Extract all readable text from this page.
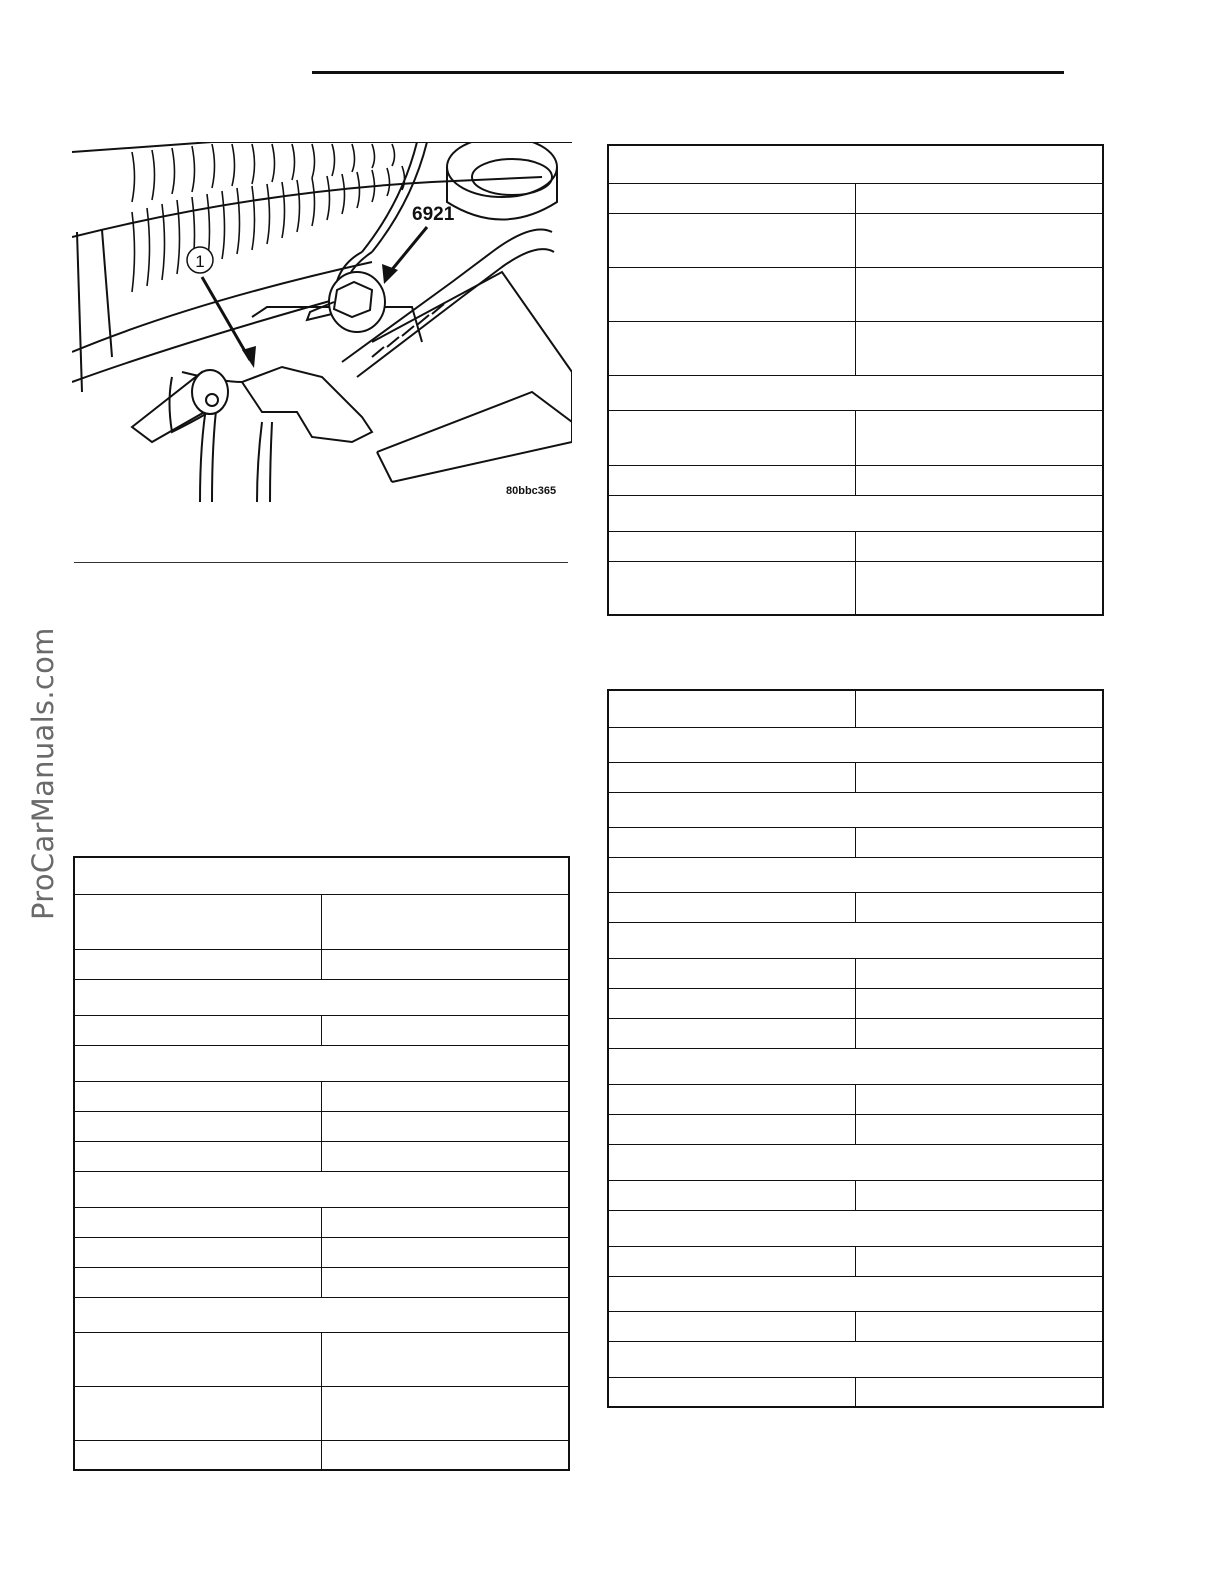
ProCarManuals.com
1
6921
80bbc365
